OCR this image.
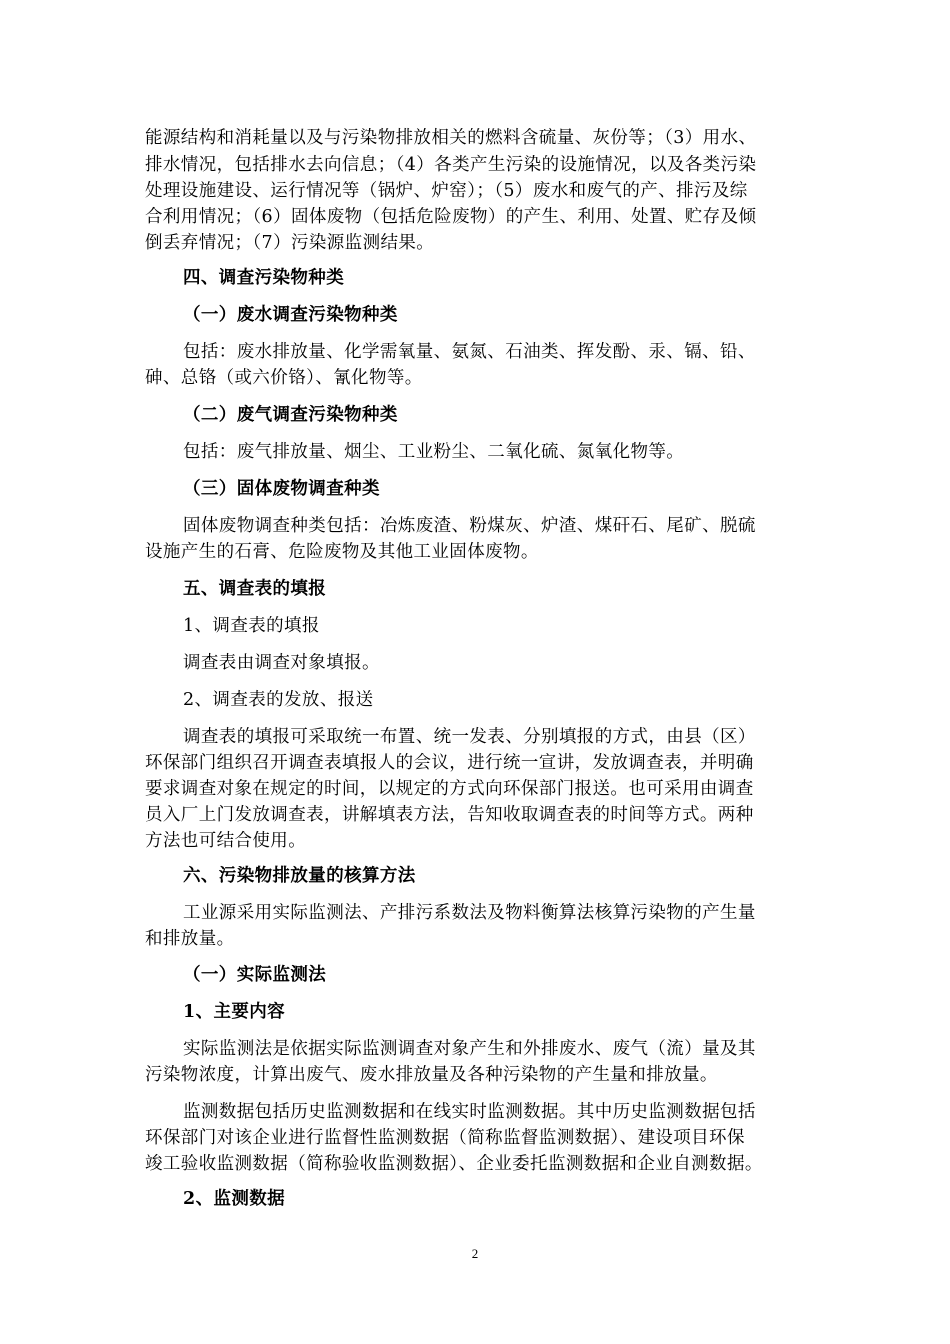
能源结构和消耗量以及与污染物排放相关的燃料含硫量、灰份等；（3）用水、
排水情况，包括排水去向信息；（4）各类产生污染的设施情况，以及各类污染
处理设施建设、运行情况等（锅炉、炉窑）；（5）废水和废气的产、排污及综
合利用情况；（6）固体废物（包括危险废物）的产生、利用、处置、贮存及倾
倒丢弃情况；（7）污染源监测结果。
四、调查污染物种类
（一）废水调查污染物种类
包括：废水排放量、化学需氧量、氨氮、石油类、挥发酚、汞、镉、铅、
砷、总铬（或六价铬）、氰化物等。
（二）废气调查污染物种类
包括：废气排放量、烟尘、工业粉尘、二氧化硫、氮氧化物等。
（三）固体废物调查种类
固体废物调查种类包括：冶炼废渣、粉煤灰、炉渣、煤矸石、尾矿、脱硫
设施产生的石膏、危险废物及其他工业固体废物。
五、调查表的填报
1、调查表的填报
调查表由调查对象填报。
2、调查表的发放、报送
调查表的填报可采取统一布置、统一发表、分别填报的方式，由县（区）
环保部门组织召开调查表填报人的会议，进行统一宣讲，发放调查表，并明确
要求调查对象在规定的时间，以规定的方式向环保部门报送。也可采用由调查
员入厂上门发放调查表，讲解填表方法，告知收取调查表的时间等方式。两种
方法也可结合使用。
六、污染物排放量的核算方法
工业源采用实际监测法、产排污系数法及物料衡算法核算污染物的产生量
和排放量。
（一）实际监测法
1、主要内容
实际监测法是依据实际监测调查对象产生和外排废水、废气（流）量及其
污染物浓度，计算出废气、废水排放量及各种污染物的产生量和排放量。
监测数据包括历史监测数据和在线实时监测数据。其中历史监测数据包括
环保部门对该企业进行监督性监测数据（简称监督监测数据）、建设项目环保
竣工验收监测数据（简称验收监测数据）、企业委托监测数据和企业自测数据。
2、监测数据
2
